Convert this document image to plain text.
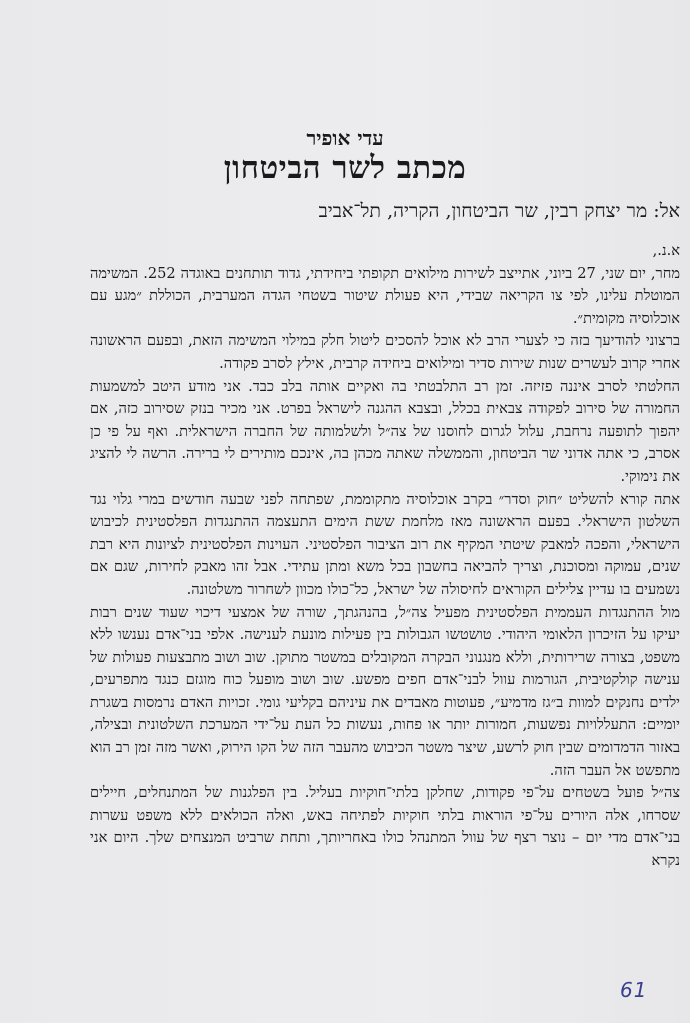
עדי אופיר
מכתב לשר הביטחון
אל: מר יצחק רבין, שר הביטחון, הקריה, תל־אביב

א.נ.,

מחר, יום שני, 27 ביוני, אתייצב לשירות מילואים תקופתי ביחידתי, גדוד תותחנים באוגדה 252. המשימה המוטלת עלינו, לפי צו הקריאה שבידי, היא פעולת שיטור בשטחי הגדה המערבית, הכוללת ״מגע עם אוכלוסיה מקומית״.

ברצוני להודיעך בזה כי לצערי הרב לא אוכל להסכים ליטול חלק במילוי המשימה הזאת, ובפעם הראשונה אחרי קרוב לעשרים שנות שירות סדיר ומילואים ביחידה קרבית, אילץ לסרב פקודה.

החלטתי לסרב איננה פזיזה. זמן רב התלבטתי בה ואקיים אותה בלב כבד. אני מודע היטב למשמעות החמורה של סירוב לפקודה צבאית בכלל, ובצבא ההגנה לישראל בפרט. אני מכיר בנזק שסירוב כזה, אם יהפוך לתופעה נרחבת, עלול לגרום לחוסנו של צה״ל ולשלמותה של החברה הישראלית. ואף על פי כן אסרב, כי אתה אדוני שר הביטחון, והממשלה שאתה מכהן בה, אינכם מותירים לי ברירה. הרשה לי להציג את נימוקי.

אתה קורא להשליט ״חוק וסדר״ בקרב אוכלוסיה מתקוממת, שפתחה לפני שבעה חודשים במרי גלוי נגד השלטון הישראלי. בפעם הראשונה מאז מלחמת ששת הימים התעצמה ההתנגדות הפלסטינית לכיבוש הישראלי, והפכה למאבק שיטתי המקיף את רוב הציבור הפלסטיני. העוינות הפלסטינית לציונות היא רבת שנים, עמוקה ומסוכנת, וצריך להביאה בחשבון בכל משא ומתן עתידי. אבל זהו מאבק לחירות, שגם אם נשמעים בו עדיין צלילים הקוראים לחיסולה של ישראל, כל־כולו מכוון לשחרור משלטונה.

מול ההתנגדות העממית הפלסטינית מפעיל צה״ל, בהנהגתך, שורה של אמצעי דיכוי שעוד שנים רבות יעיקו על הזיכרון הלאומי היהודי. טושטשו הגבולות בין פעילות מונעת לענישה. אלפי בני־אדם נענשו ללא משפט, בצורה שרירותית, וללא מנגנוני הבקרה המקובלים במשטר מתוקן. שוב ושוב מתבצעות פעולות של ענישה קולקטיבית, הגורמות עוול לבני־אדם חפים מפשע. שוב ושוב מופעל כוח מוגזם כנגד מתפרעים, ילדים נחנקים למוות ב״גז מדמיע״, פעוטות מאבדים את עיניהם בקליעי גומי. זכויות האדם נרמסות בשגרת יומיים: התעללויות נפשעות, חמורות יותר או פחות, נעשות כל העת על־ידי המערכת השלטונית ובצילה, באזור הדמדומים שבין חוק לרשע, שיצר משטר הכיבוש מהעבר הזה של הקו הירוק, ואשר מזה זמן רב הוא מתפשט אל העבר הזה.

צה״ל פועל בשטחים על־פי פקודות, שחלקן בלתי־חוקיות בעליל. בין הפלגנות של המתנחלים, חיילים שסרחו, אלה היורים על־פי הוראות בלתי חוקיות לפתיחה באש, ואלה הכולאים ללא משפט עשרות בני־אדם מדי יום – נוצר רצף של עוול המתנהל כולו באחריותך, ותחת שרביט המנצחים שלך. היום אני נקרא

61
